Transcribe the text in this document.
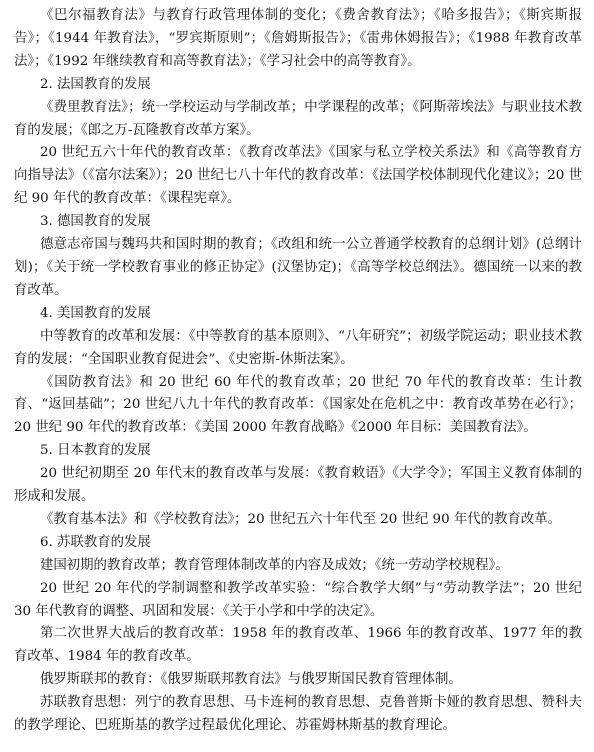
《巴尔福教育法》与教育行政管理体制的变化；《费舍教育法》；《哈多报告》；《斯宾斯报告》；《1944 年教育法》，“罗宾斯原则”；《詹姆斯报告》；《雷弗休姆报告》；《1988 年教育改革法》；《1992 年继续教育和高等教育法》；《学习社会中的高等教育》。

2. 法国教育的发展

《费里教育法》；统一学校运动与学制改革；中学课程的改革；《阿斯蒂埃法》与职业技术教育的发展；《郎之万-瓦隆教育改革方案》。

20 世纪五六十年代的教育改革：《教育改革法》《国家与私立学校关系法》和《高等教育方向指导法》（《富尔法案》）；20 世纪七八十年代的教育改革：《法国学校体制现代化建议》；20 世纪 90 年代的教育改革：《课程宪章》。

3. 德国教育的发展

德意志帝国与魏玛共和国时期的教育；《改组和统一公立普通学校教育的总纲计划》(总纲计划)；《关于统一学校教育事业的修正协定》(汉堡协定)；《高等学校总纲法》。德国统一以来的教育改革。

4. 美国教育的发展

中等教育的改革和发展：《中等教育的基本原则》、“八年研究”；初级学院运动；职业技术教育的发展：“全国职业教育促进会”、《史密斯-休斯法案》。

《国防教育法》和 20 世纪 60 年代的教育改革；20 世纪 70 年代的教育改革：生计教育、“返回基础”；20 世纪八九十年代的教育改革：《国家处在危机之中：教育改革势在必行》；20 世纪 90 年代的教育改革：《美国 2000 年教育战略》《2000 年目标：美国教育法》。

5. 日本教育的发展

20 世纪初期至 20 年代末的教育改革与发展：《教育敕语》《大学令》；军国主义教育体制的形成和发展。

《教育基本法》和《学校教育法》；20 世纪五六十年代至 20 世纪 90 年代的教育改革。

6. 苏联教育的发展

建国初期的教育改革；教育管理体制改革的内容及成效；《统一劳动学校规程》。

20 世纪 20 年代的学制调整和教学改革实验：“综合教学大纲”与“劳动教学法”；20 世纪 30 年代教育的调整、巩固和发展：《关于小学和中学的决定》。

第二次世界大战后的教育改革：1958 年的教育改革、1966 年的教育改革、1977 年的教育改革、1984 年的教育改革。

俄罗斯联邦的教育：《俄罗斯联邦教育法》与俄罗斯国民教育管理体制。

苏联教育思想：列宁的教育思想、马卡连柯的教育思想、克鲁普斯卡娅的教育思想、赞科夫的教学理论、巴班斯基的教学过程最优化理论、苏霍姆林斯基的教育理论。
